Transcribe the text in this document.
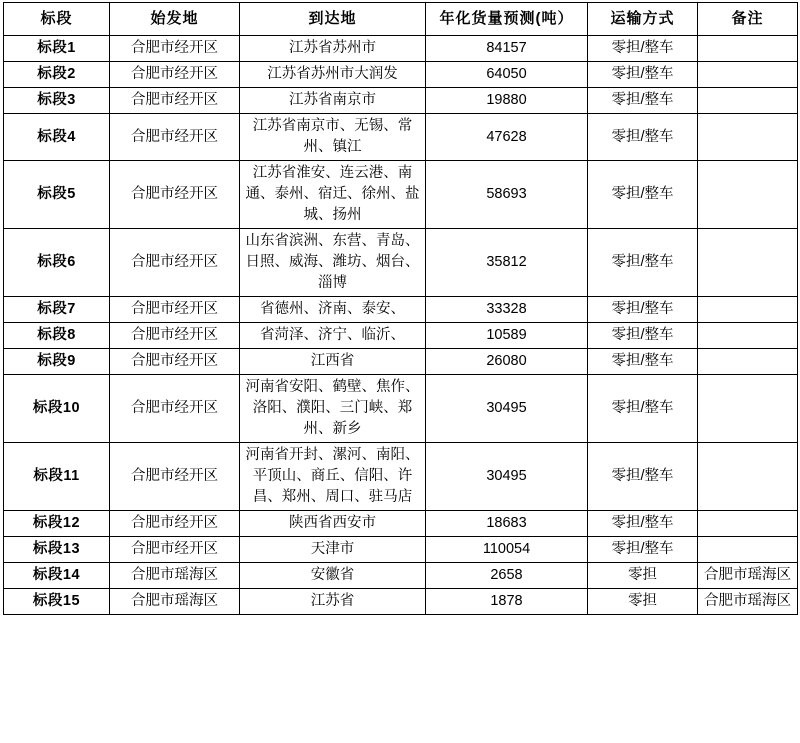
标段	始发地	到达地	年化货量预测(吨）	运输方式	备注
标段1	合肥市经开区	江苏省苏州市	84157	零担/整车	
标段2	合肥市经开区	江苏省苏州市大润发	64050	零担/整车	
标段3	合肥市经开区	江苏省南京市	19880	零担/整车	
标段4	合肥市经开区	江苏省南京市、无锡、常州、镇江	47628	零担/整车	
标段5	合肥市经开区	江苏省淮安、连云港、南通、泰州、宿迁、徐州、盐城、扬州	58693	零担/整车	
标段6	合肥市经开区	山东省滨洲、东营、青岛、日照、威海、潍坊、烟台、淄博	35812	零担/整车	
标段7	合肥市经开区	省德州、济南、泰安、	33328	零担/整车	
标段8	合肥市经开区	省菏泽、济宁、临沂、	10589	零担/整车	
标段9	合肥市经开区	江西省	26080	零担/整车	
标段10	合肥市经开区	河南省安阳、鹤壁、焦作、洛阳、濮阳、三门峡、郑州、新乡	30495	零担/整车	
标段11	合肥市经开区	河南省开封、漯河、南阳、平顶山、商丘、信阳、许昌、郑州、周口、驻马店	30495	零担/整车	
标段12	合肥市经开区	陕西省西安市	18683	零担/整车	
标段13	合肥市经开区	天津市	110054	零担/整车	
标段14	合肥市瑶海区	安徽省	2658	零担	合肥市瑶海区
标段15	合肥市瑶海区	江苏省	1878	零担	合肥市瑶海区
